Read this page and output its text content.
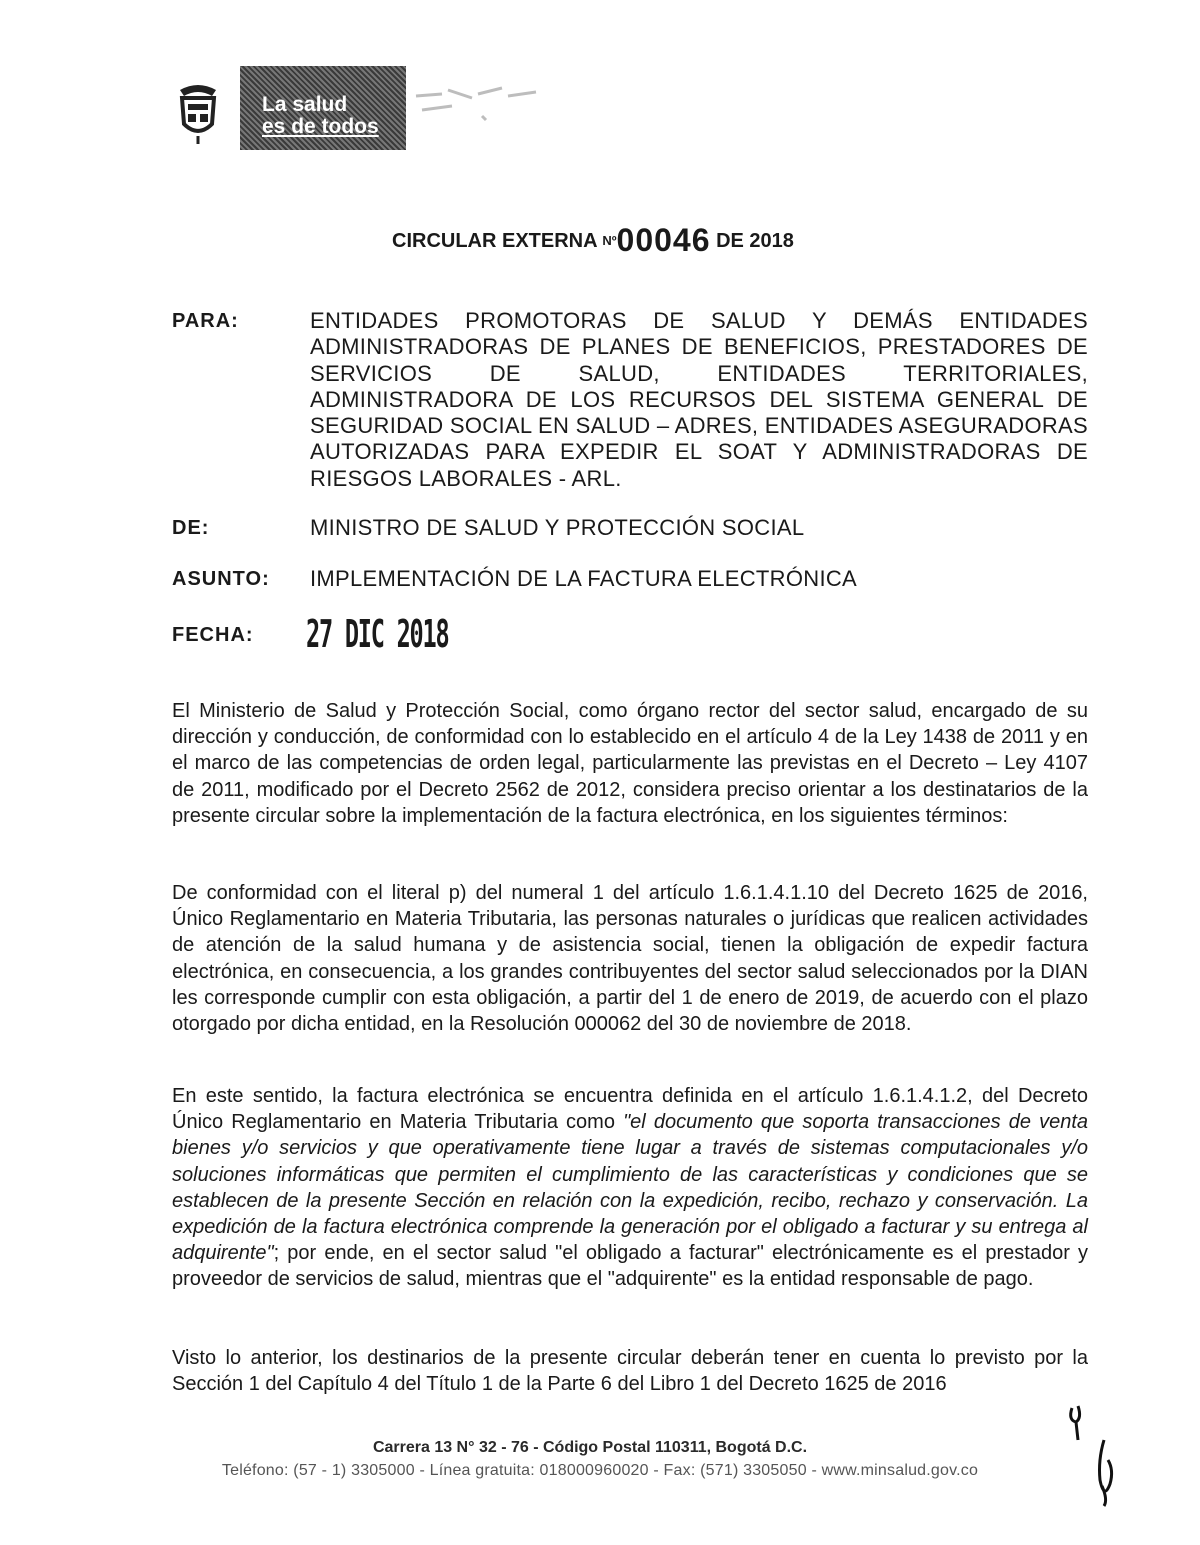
La salud
es de todos
CIRCULAR EXTERNA Nº00046 DE 2018
PARA:	ENTIDADES PROMOTORAS DE SALUD Y DEMÁS ENTIDADES ADMINISTRADORAS DE PLANES DE BENEFICIOS, PRESTADORES DE SERVICIOS DE SALUD, ENTIDADES TERRITORIALES, ADMINISTRADORA DE LOS RECURSOS DEL SISTEMA GENERAL DE SEGURIDAD SOCIAL EN SALUD – ADRES, ENTIDADES ASEGURADORAS AUTORIZADAS PARA EXPEDIR EL SOAT Y ADMINISTRADORAS DE RIESGOS LABORALES - ARL.
DE:	MINISTRO DE SALUD Y PROTECCIÓN SOCIAL
ASUNTO: IMPLEMENTACIÓN DE LA FACTURA ELECTRÓNICA
FECHA: 27 DIC 2018

El Ministerio de Salud y Protección Social, como órgano rector del sector salud, encargado de su dirección y conducción, de conformidad con lo establecido en el artículo 4 de la Ley 1438 de 2011 y en el marco de las competencias de orden legal, particularmente las previstas en el Decreto – Ley 4107 de 2011, modificado por el Decreto 2562 de 2012, considera preciso orientar a los destinatarios de la presente circular sobre la implementación de la factura electrónica, en los siguientes términos:

De conformidad con el literal p) del numeral 1 del artículo 1.6.1.4.1.10 del Decreto 1625 de 2016, Único Reglamentario en Materia Tributaria, las personas naturales o jurídicas que realicen actividades de atención de la salud humana y de asistencia social, tienen la obligación de expedir factura electrónica, en consecuencia, a los grandes contribuyentes del sector salud seleccionados por la DIAN les corresponde cumplir con esta obligación, a partir del 1 de enero de 2019, de acuerdo con el plazo otorgado por dicha entidad, en la Resolución 000062 del 30 de noviembre de 2018.

En este sentido, la factura electrónica se encuentra definida en el artículo 1.6.1.4.1.2, del Decreto Único Reglamentario en Materia Tributaria como "el documento que soporta transacciones de venta bienes y/o servicios y que operativamente tiene lugar a través de sistemas computacionales y/o soluciones informáticas que permiten el cumplimiento de las características y condiciones que se establecen de la presente Sección en relación con la expedición, recibo, rechazo y conservación. La expedición de la factura electrónica comprende la generación por el obligado a facturar y su entrega al adquirente"; por ende, en el sector salud "el obligado a facturar" electrónicamente es el prestador y proveedor de servicios de salud, mientras que el "adquirente" es la entidad responsable de pago.

Visto lo anterior, los destinarios de la presente circular deberán tener en cuenta lo previsto por la Sección 1 del Capítulo 4 del Título 1 de la Parte 6 del Libro 1 del Decreto 1625 de 2016

Carrera 13 N° 32 - 76 - Código Postal 110311, Bogotá D.C.
Teléfono: (57 - 1) 3305000 - Línea gratuita: 018000960020 - Fax: (571) 3305050 - www.minsalud.gov.co
